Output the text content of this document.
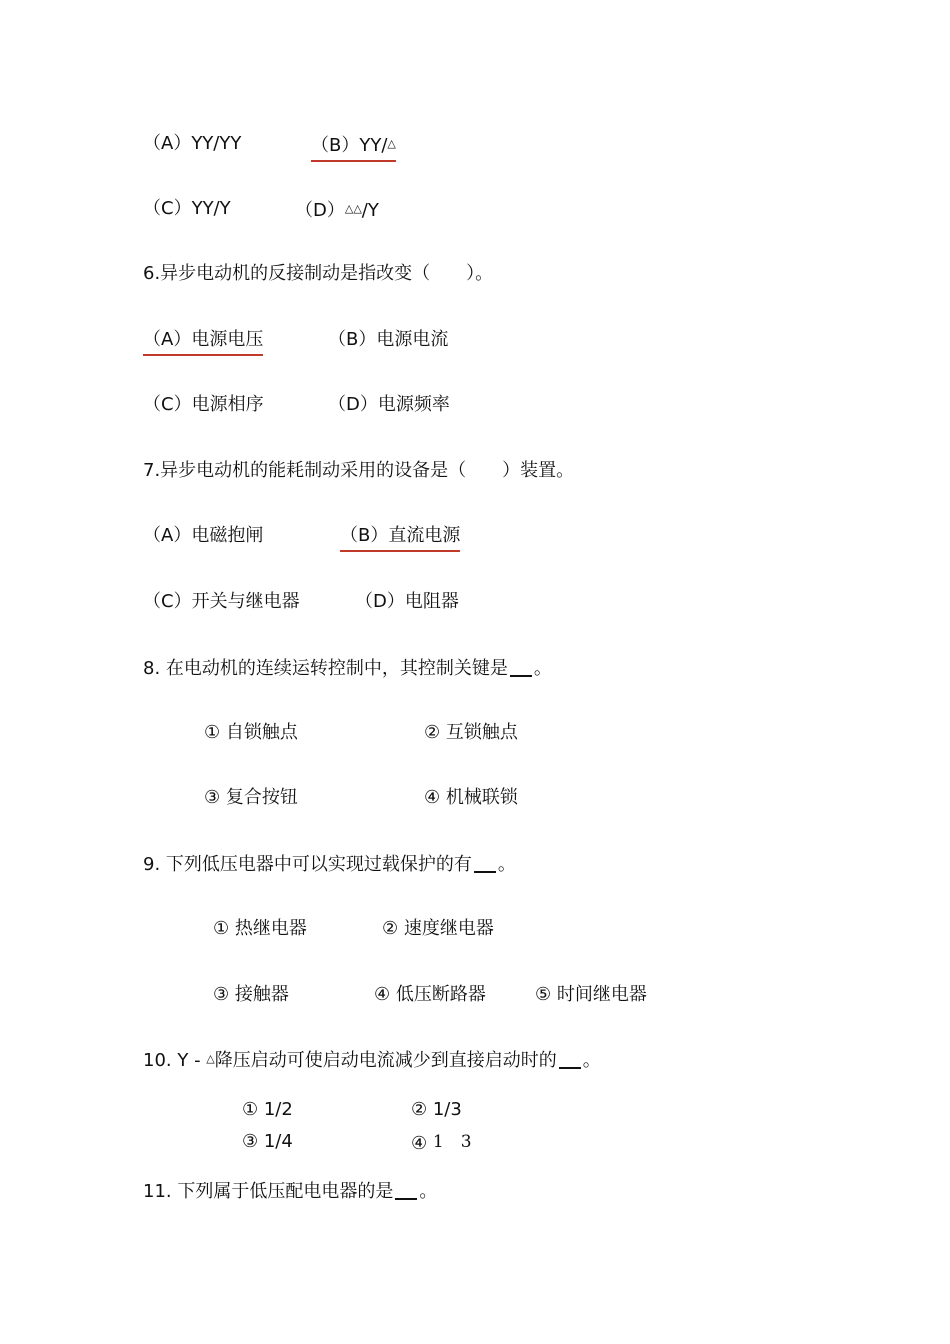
（A）YY/YY	（B）YY/△
（C）YY/Y	（D）△△/Y
6.异步电动机的反接制动是指改变（　　）。
（A）电源电压	（B）电源电流
（C）电源相序	（D）电源频率
7.异步电动机的能耗制动采用的设备是（　　）装置。
（A）电磁抱闸	（B）直流电源
（C）开关与继电器	（D）电阻器
8. 在电动机的连续运转控制中，其控制关键是 。
① 自锁触点	② 互锁触点
③ 复合按钮	④ 机械联锁
9. 下列低压电器中可以实现过载保护的有 。
① 热继电器	② 速度继电器
③ 接触器	④ 低压断路器	⑤ 时间继电器
10. Y - △降压启动可使启动电流减少到直接启动时的 。
① 1/2	② 1/3
③ 1/4	④ 1　3
11. 下列属于低压配电电器的是 。
